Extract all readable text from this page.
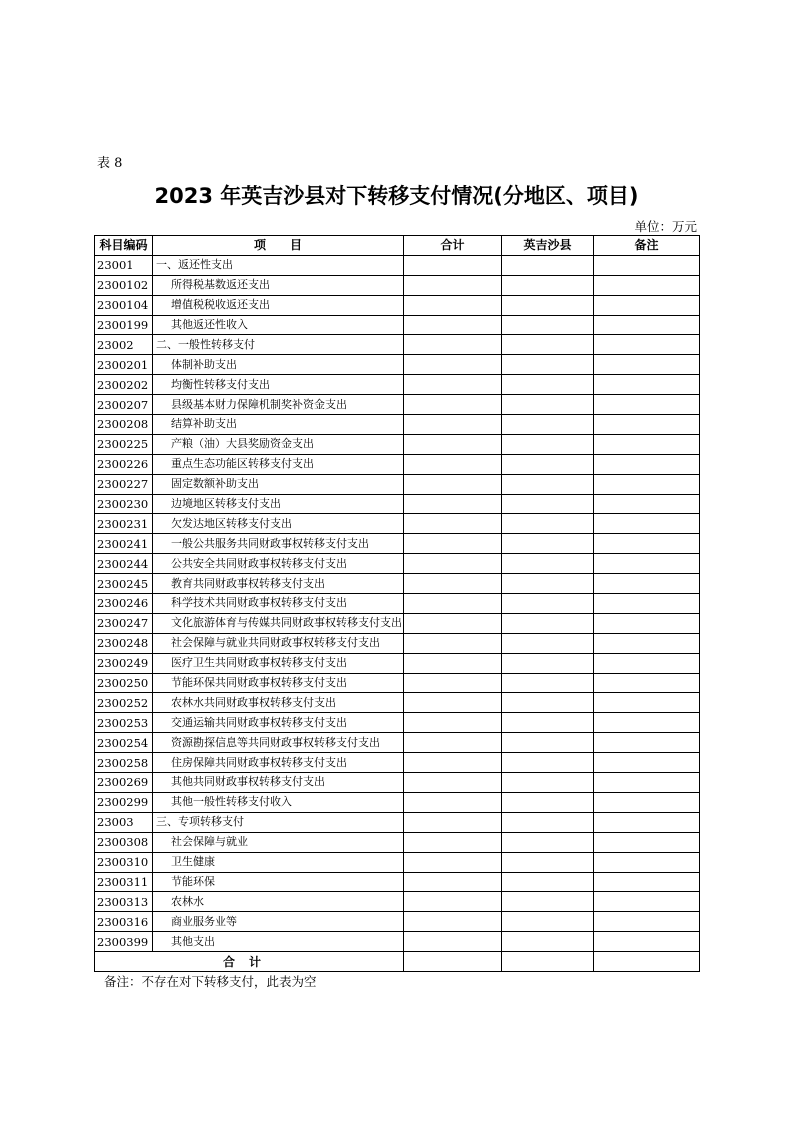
表 8
2023 年英吉沙县对下转移支付情况(分地区、项目)
单位：万元
科目编码	项　　目	合计	英吉沙县	备注
23001	一、返还性支出			
2300102	所得税基数返还支出			
2300104	增值税税收返还支出			
2300199	其他返还性收入			
23002	二、一般性转移支付			
2300201	体制补助支出			
2300202	均衡性转移支付支出			
2300207	县级基本财力保障机制奖补资金支出			
2300208	结算补助支出			
2300225	产粮（油）大县奖励资金支出			
2300226	重点生态功能区转移支付支出			
2300227	固定数额补助支出			
2300230	边境地区转移支付支出			
2300231	欠发达地区转移支付支出			
2300241	一般公共服务共同财政事权转移支付支出			
2300244	公共安全共同财政事权转移支付支出			
2300245	教育共同财政事权转移支付支出			
2300246	科学技术共同财政事权转移支付支出			
2300247	文化旅游体育与传媒共同财政事权转移支付支出			
2300248	社会保障与就业共同财政事权转移支付支出			
2300249	医疗卫生共同财政事权转移支付支出			
2300250	节能环保共同财政事权转移支付支出			
2300252	农林水共同财政事权转移支付支出			
2300253	交通运输共同财政事权转移支付支出			
2300254	资源勘探信息等共同财政事权转移支付支出			
2300258	住房保障共同财政事权转移支付支出			
2300269	其他共同财政事权转移支付支出			
2300299	其他一般性转移支付收入			
23003	三、专项转移支付			
2300308	社会保障与就业			
2300310	卫生健康			
2300311	节能环保			
2300313	农林水			
2300316	商业服务业等			
2300399	其他支出			
合计				
备注：不存在对下转移支付，此表为空
